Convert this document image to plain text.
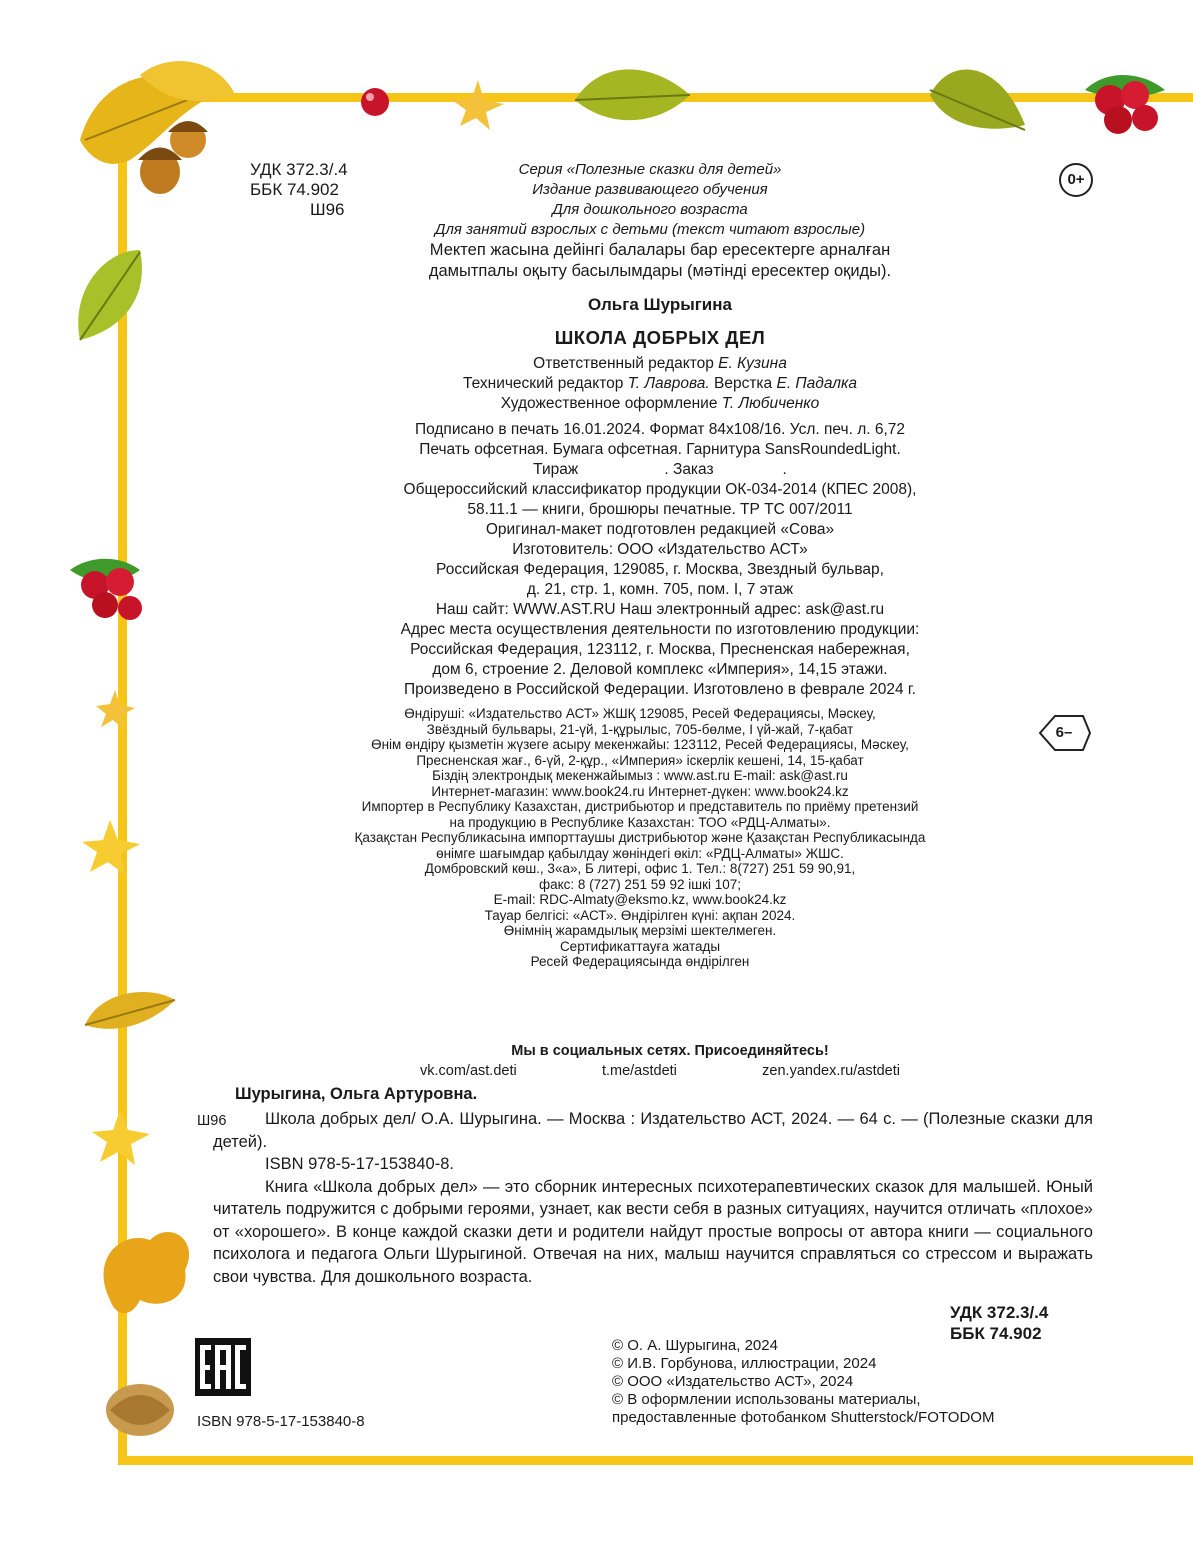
0+
6–
УДК 372.3/.4
ББК 74.902
Ш96
Серия «Полезные сказки для детей»
Издание развивающего обучения
Для дошкольного возраста
Для занятий взрослых с детьми (текст читают взрослые)
Мектеп жасына дейiнгi балалары бар ересектерге арналған
дамытпалы оқыту басылымдары (мәтіндi ересектер оқиды).
Ольга Шурыгина
ШКОЛА ДОБРЫХ ДЕЛ
Ответственный редактор Е. Кузина
Технический редактор Т. Лаврова. Верстка Е. Падалка
Художественное оформление Т. Любиченко
Подписано в печать 16.01.2024. Формат 84x108/16. Усл. печ. л. 6,72
Печать офсетная. Бумага офсетная. Гарнитура SansRoundedLight.
Тираж                    . Заказ                .
Общероссийский классификатор продукции ОК-034-2014 (КПЕС 2008),
58.11.1 — книги, брошюры печатные. ТР ТС 007/2011
Оригинал-макет подготовлен редакцией «Сова»
Изготовитель: ООО «Издательство АСТ»
Российская Федерация, 129085, г. Москва, Звездный бульвар,
д. 21, стр. 1, комн. 705, пом. I, 7 этаж
Наш сайт: WWW.AST.RU Наш электронный адрес: ask@ast.ru
Адрес места осуществления деятельности по изготовлению продукции:
Российская Федерация, 123112, г. Москва, Пресненская набережная,
дом 6, строение 2. Деловой комплекс «Империя», 14,15 этажи.
Произведено в Российской Федерации. Изготовлено в феврале 2024 г.
Өндiрушi: «Издательство АСТ» ЖШҚ 129085, Ресей Федерациясы, Мәскеу,
Звёздный бульвары, 21-үй, 1-құрылыс, 705-бөлме, I үй-жай, 7-қабат
Өнім өндіру қызметін жүзеге асыру мекенжайы: 123112, Ресей Федерациясы, Мәскеу,
Пресненская жағ., 6-үй, 2-құр., «Империя» іскерлік кешені, 14, 15-қабат
Біздің электрондық мекенжайымыз : www.ast.ru E-mail: ask@ast.ru
Интернет-магазин: www.book24.ru Интернет-дүкен: www.book24.kz
Импортер в Республику Казахстан, дистрибьютор и представитель по приёму претензий
на продукцию в Республике Казахстан: ТОО «РДЦ-Алматы».
Қазақстан Республикасына импорттаушы дистрибьютор және Қазақстан Республикасында
өнімге шағымдар қабылдау жөніндегі өкіл: «РДЦ-Алматы» ЖШС.
Домбровский көш., 3«а», Б литері, офис 1. Тел.: 8(727) 251 59 90,91,
факс: 8 (727) 251 59 92 ішкі 107;
E-mail: RDC-Almaty@eksmo.kz, www.book24.kz
Тауар белгісі: «АСТ». Өндірілген күні: ақпан 2024.
Өнімнің жарамдылық мерзімі шектелмеген.
Сертификаттауға жатады
Ресей Федерациясында өндірілген
Мы в социальных сетях. Присоединяйтесь!
vk.com/ast.deti	t.me/astdeti	zen.yandex.ru/astdeti
Шурыгина, Ольга Артуровна.
Ш96	Школа добрых дел/ О.А. Шурыгина. — Москва : Издательство АСТ, 2024. — 64 с. — (Полезные сказки для детей).

ISBN 978-5-17-153840-8.

Книга «Школа добрых дел» — это сборник интересных психотерапевтических сказок для малышей. Юный читатель подружится с добрыми героями, узнает, как вести себя в разных ситуациях, научится отличать «плохое» от «хорошего». В конце каждой сказки дети и родители найдут простые вопросы от автора книги — социального психолога и педагога Ольги Шурыгиной. Отвечая на них, малыш научится справляться со стрессом и выражать свои чувства. Для дошкольного возраста.

УДК 372.3/.4
ББК 74.902
© О. А. Шурыгина, 2024
© И.В. Горбунова, иллюстрации, 2024
© ООО «Издательство АСТ», 2024
© В оформлении использованы материалы,
предоставленные фотобанком Shutterstock/FOTODOM
ISBN 978-5-17-153840-8
